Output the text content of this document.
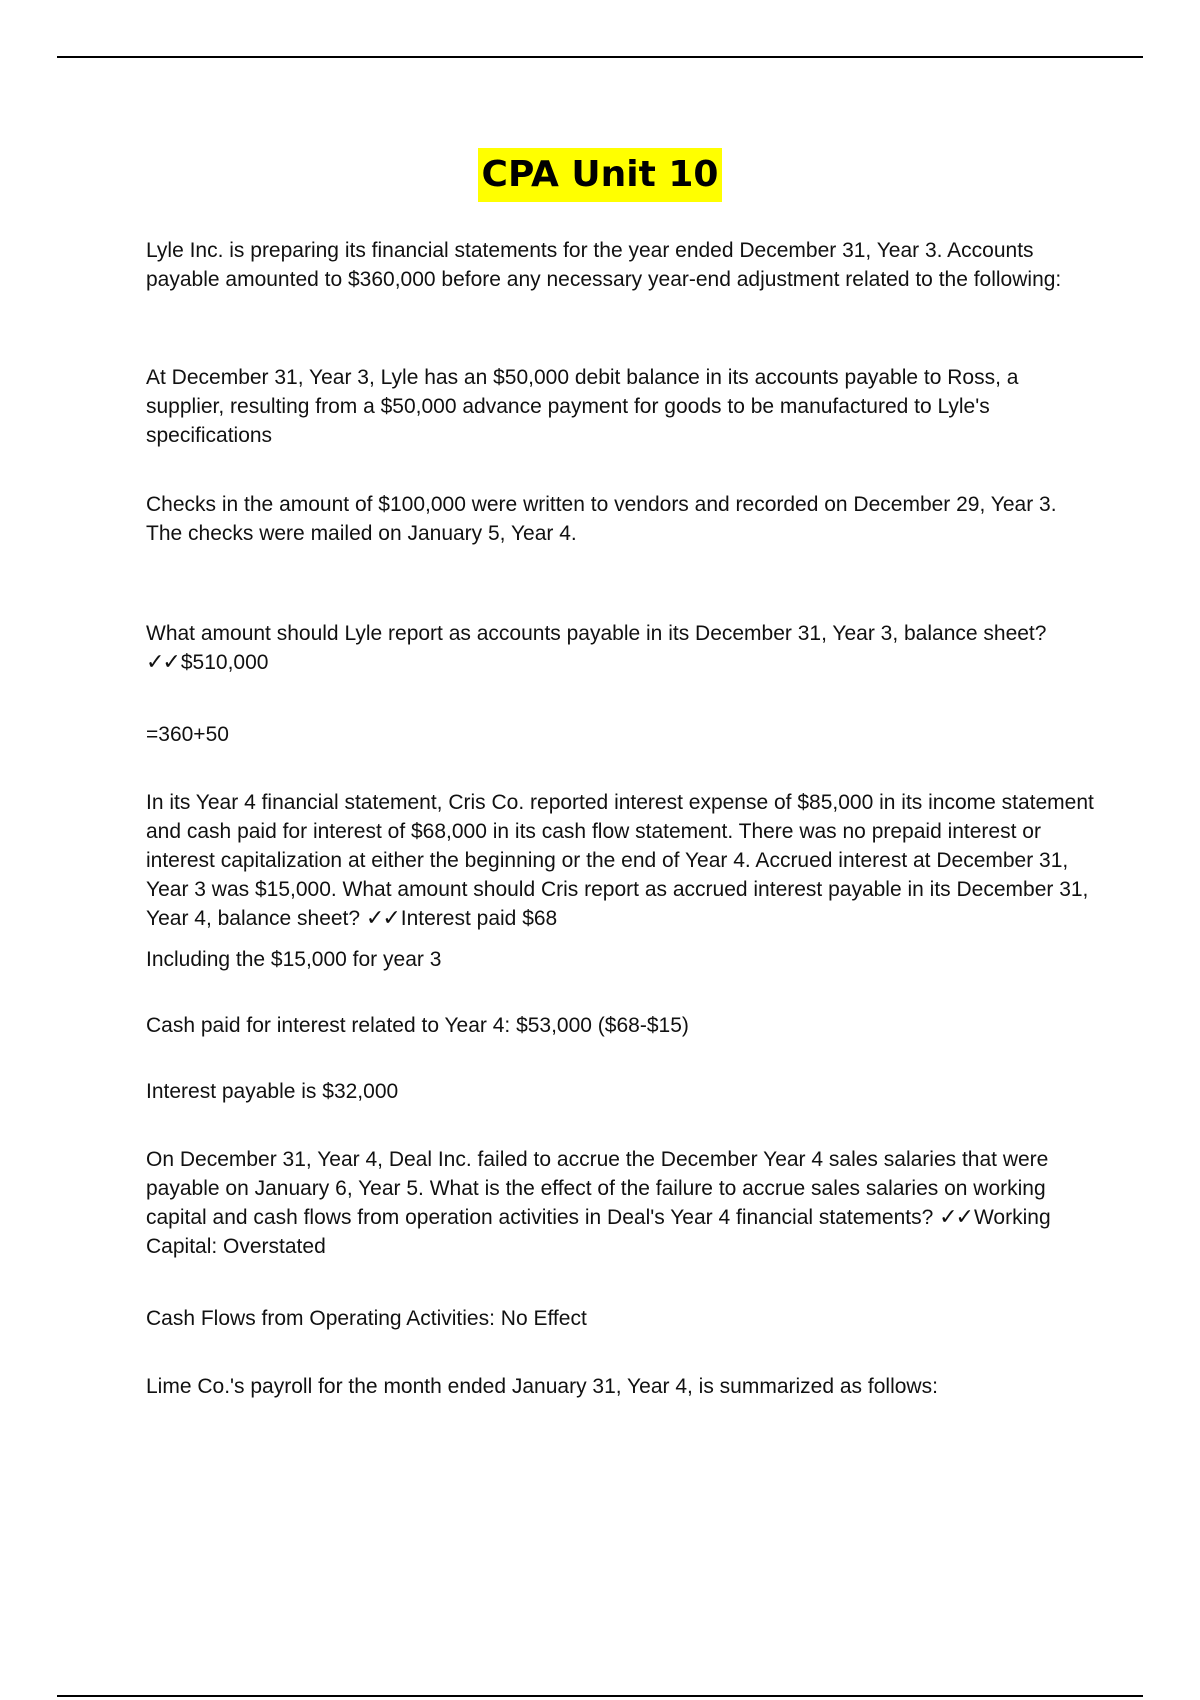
CPA Unit 10

Lyle Inc. is preparing its financial statements for the year ended December 31, Year 3. Accounts payable amounted to $360,000 before any necessary year-end adjustment related to the following:

At December 31, Year 3, Lyle has an $50,000 debit balance in its accounts payable to Ross, a supplier, resulting from a $50,000 advance payment for goods to be manufactured to Lyle's specifications

Checks in the amount of $100,000 were written to vendors and recorded on December 29, Year 3. The checks were mailed on January 5, Year 4.

What amount should Lyle report as accounts payable in its December 31, Year 3, balance sheet? ✓✓$510,000

=360+50

In its Year 4 financial statement, Cris Co. reported interest expense of $85,000 in its income statement and cash paid for interest of $68,000 in its cash flow statement. There was no prepaid interest or interest capitalization at either the beginning or the end of Year 4. Accrued interest at December 31, Year 3 was $15,000. What amount should Cris report as accrued interest payable in its December 31, Year 4, balance sheet? ✓✓Interest paid $68

Including the $15,000 for year 3

Cash paid for interest related to Year 4: $53,000 ($68-$15)

Interest payable is $32,000

On December 31, Year 4, Deal Inc. failed to accrue the December Year 4 sales salaries that were payable on January 6, Year 5. What is the effect of the failure to accrue sales salaries on working capital and cash flows from operation activities in Deal's Year 4 financial statements? ✓✓Working Capital: Overstated

Cash Flows from Operating Activities: No Effect

Lime Co.'s payroll for the month ended January 31, Year 4, is summarized as follows:
